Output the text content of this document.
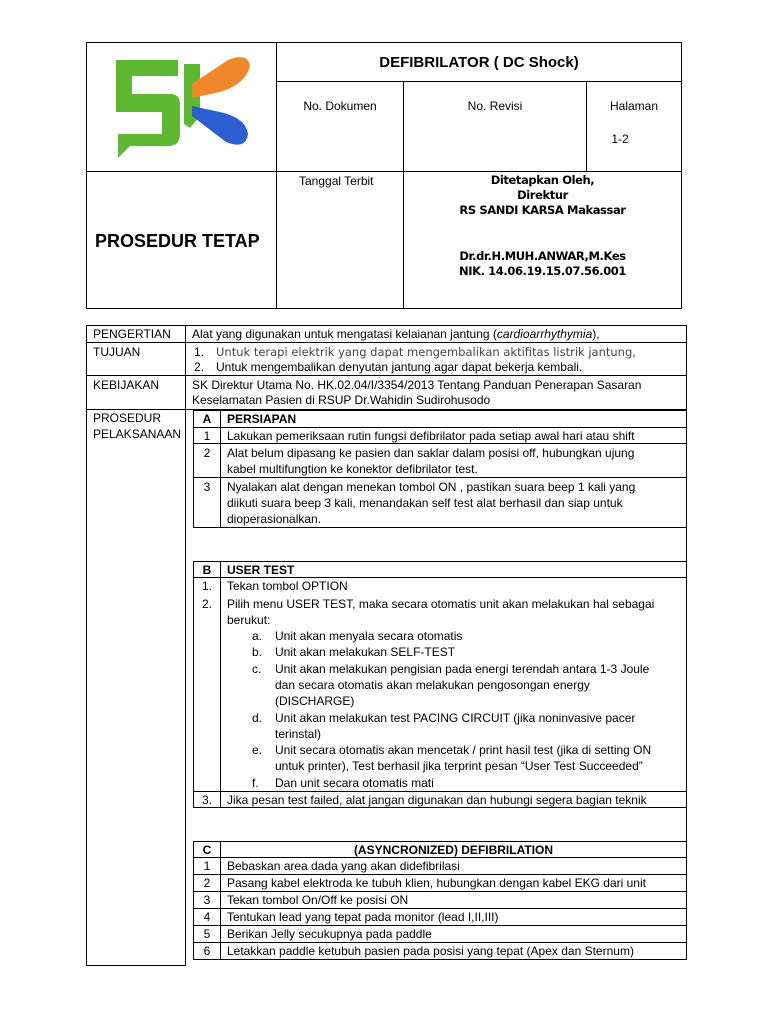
DEFIBRILATOR ( DC Shock)
No. Dokumen	No. Revisi	Halaman
1-2
Tanggal Terbit	Ditetapkan Oleh,
Direktur
RS SANDI KARSA Makassar
Dr.dr.H.MUH.ANWAR,M.Kes
NIK. 14.06.19.15.07.56.001
PROSEDUR TETAP
PENGERTIAN Alat yang digunakan untuk mengatasi kelaianan jantung (cardioarrhythymia),
TUJUAN	1. Untuk terapi elektrik yang dapat mengembalikan aktifitas listrik jantung,
2. Untuk mengembalikan denyutan jantung agar dapat bekerja kembali.
KEBIJAKAN	SK Direktur Utama No. HK.02.04/I/3354/2013 Tentang Panduan Penerapan Sasaran
Keselamatan Pasien di RSUP Dr.Wahidin Sudirohusodo
PROSEDUR
PELAKSANAAN
A	PERSIAPAN
1	Lakukan pemeriksaan rutin fungsi defibrilator pada setiap awal hari atau shift
2	Alat belum dipasang ke pasien dan saklar dalam posisi off, hubungkan ujung
kabel multifungtion ke konektor defibrilator test.
3	Nyalakan alat dengan menekan tombol ON , pastikan suara beep 1 kali yang
diikuti suara beep 3 kali, menandakan self test alat berhasil dan siap untuk
dioperasionalkan.
B	USER TEST
1.	Tekan tombol OPTION
2.	Pilih menu USER TEST, maka secara otomatis unit akan melakukan hal sebagai
berukut:
a. Unit akan menyala secara otomatis
b. Unit akan melakukan SELF-TEST
c. Unit akan melakukan pengisian pada energi terendah antara 1-3 Joule
dan secara otomatis akan melakukan pengosongan energy
(DISCHARGE)
d. Unit akan melakukan test PACING CIRCUIT (jika noninvasive pacer
terinstal)
e. Unit secara otomatis akan mencetak / print hasil test (jika di setting ON
untuk printer), Test berhasil jika terprint pesan “User Test Succeeded”
f. Dan unit secara otomatis mati
3.	Jika pesan test failed, alat jangan digunakan dan hubungi segera bagian teknik
C	(ASYNCRONIZED) DEFIBRILATION
1	Bebaskan area dada yang akan didefibrilasi
2	Pasang kabel elektroda ke tubuh klien, hubungkan dengan kabel EKG dari unit
3	Tekan tombol On/Off ke posisi ON
4	Tentukan lead yang tepat pada monitor (lead I,II,III)
5	Berikan Jelly secukupnya pada paddle
6	Letakkan paddle ketubuh pasien pada posisi yang tepat (Apex dan Sternum)
